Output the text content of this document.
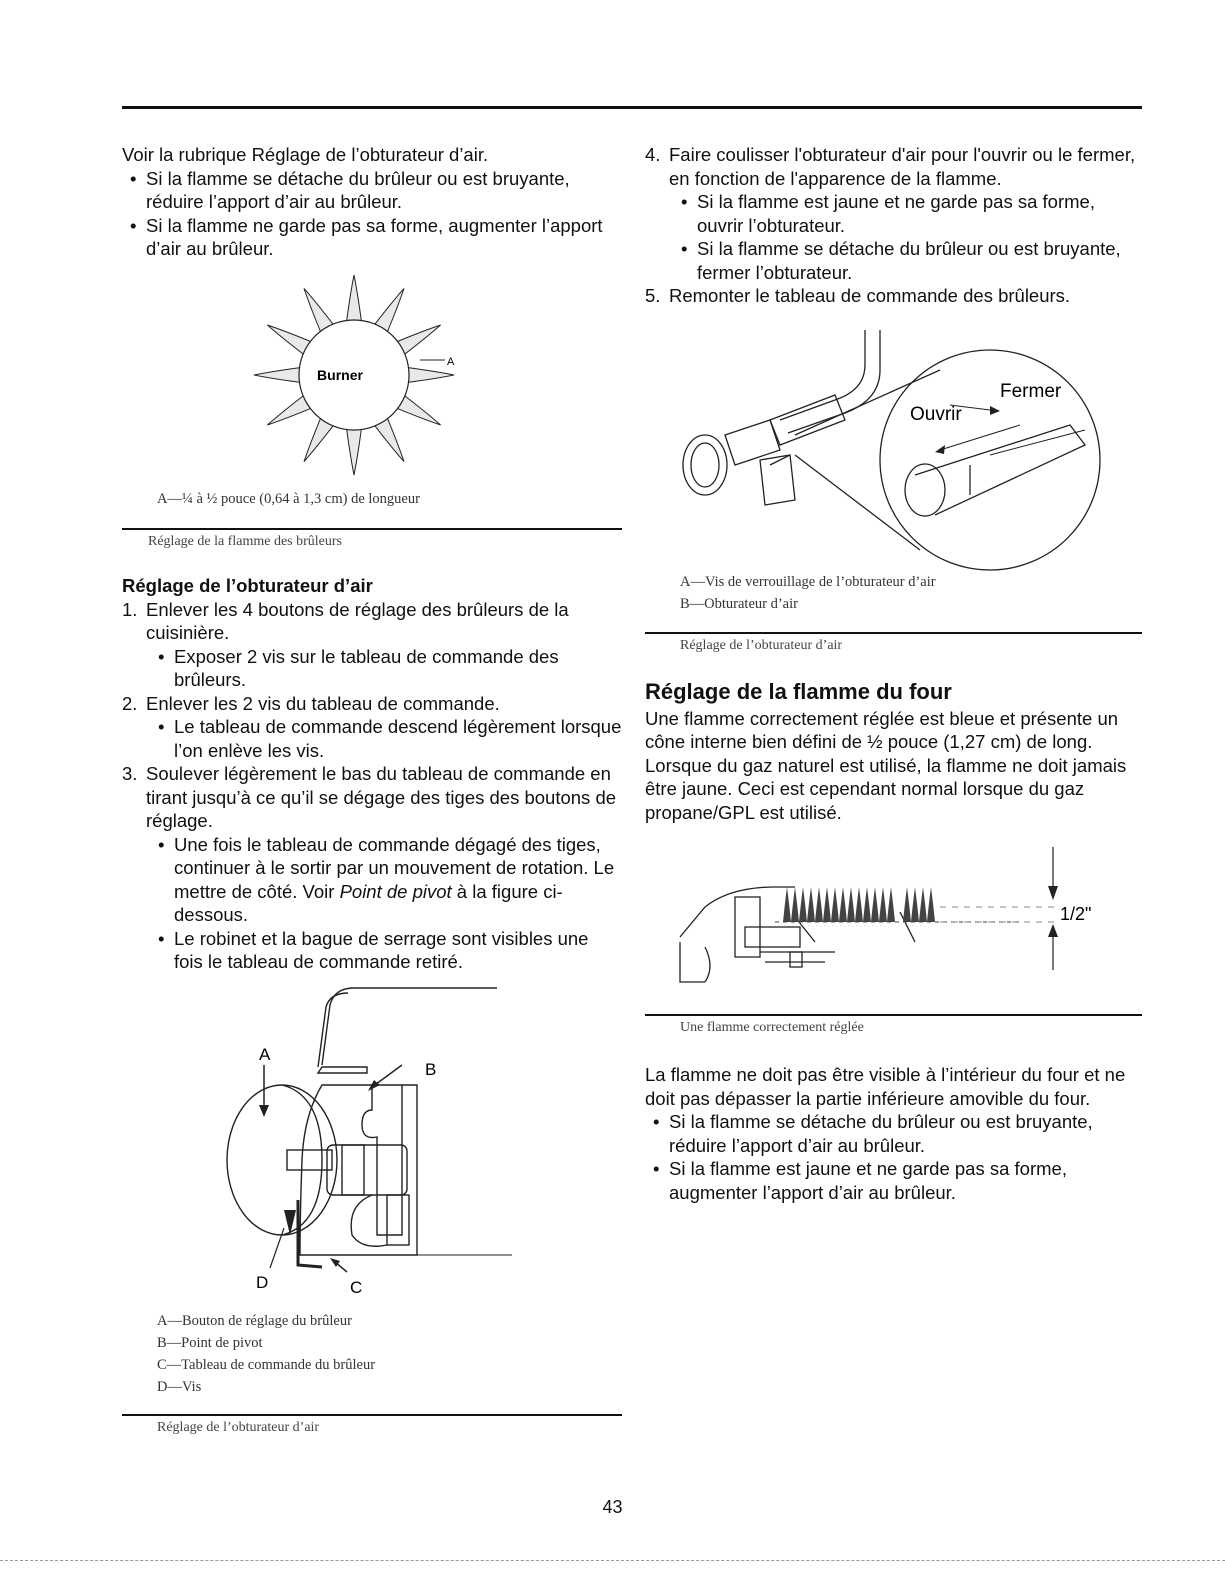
Voir la rubrique Réglage de l’obturateur d’air.

• Si la flamme se détache du brûleur ou est bruyante, réduire l’apport d’air au brûleur.

• Si la flamme ne garde pas sa forme, augmenter l’apport d’air au brûleur.

Burner
A
A—¼ à ½ pouce (0,64 à 1,3 cm) de longueur
Réglage de la flamme des brûleurs
Réglage de l’obturateur d’air

1. Enlever les 4 boutons de réglage des brûleurs de la cuisinière.

• Exposer 2 vis sur le tableau de commande des brûleurs.

2. Enlever les 2 vis du tableau de commande.

• Le tableau de commande descend légèrement lorsque l’on enlève les vis.

3. Soulever légèrement le bas du tableau de commande en tirant jusqu’à ce qu’il se dégage des tiges des boutons de réglage.

• Une fois le tableau de commande dégagé des tiges, continuer à le sortir par un mouvement de rotation. Le mettre de côté. Voir Point de pivot à la figure ci-dessous.

• Le robinet et la bague de serrage sont visibles une fois le tableau de commande retiré.

A
B
C
D
A—Bouton de réglage du brûleur
B—Point de pivot
C—Tableau de commande du brûleur
D—Vis
Réglage de l’obturateur d’air

4. Faire coulisser l'obturateur d'air pour l'ouvrir ou le fermer, en fonction de l'apparence de la flamme.

• Si la flamme est jaune et ne garde pas sa forme, ouvrir l’obturateur.

• Si la flamme se détache du brûleur ou est bruyante, fermer l’obturateur.

5. Remonter le tableau de commande des brûleurs.

Fermer
Ouvrir
A—Vis de verrouillage de l’obturateur d’air
B—Obturateur d’air
Réglage de l’obturateur d’air
Réglage de la flamme du four

Une flamme correctement réglée est bleue et présente un cône interne bien défini de ½ pouce (1,27 cm) de long. Lorsque du gaz naturel est utilisé, la flamme ne doit jamais être jaune. Ceci est cependant normal lorsque du gaz propane/GPL est utilisé.

1/2"
Une flamme correctement réglée

La flamme ne doit pas être visible à l’intérieur du four et ne doit pas dépasser la partie inférieure amovible du four.

• Si la flamme se détache du brûleur ou est bruyante, réduire l’apport d’air au brûleur.

• Si la flamme est jaune et ne garde pas sa forme, augmenter l’apport d’air au brûleur.

43
